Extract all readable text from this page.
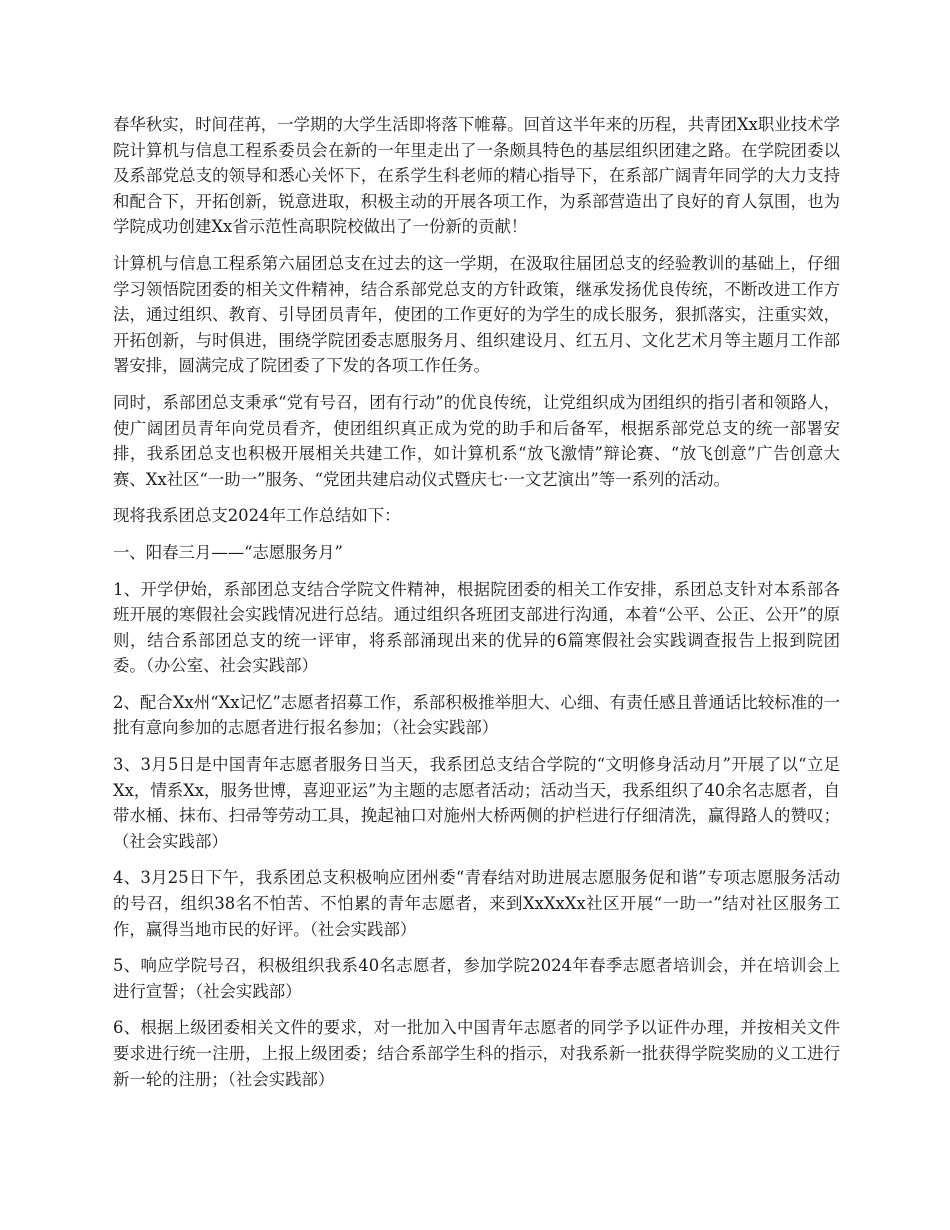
春华秋实，时间荏苒，一学期的大学生活即将落下帷幕。回首这半年来的历程，共青团Xx职业技术学院计算机与信息工程系委员会在新的一年里走出了一条颇具特色的基层组织团建之路。在学院团委以及系部党总支的领导和悉心关怀下，在系学生科老师的精心指导下，在系部广阔青年同学的大力支持和配合下，开拓创新，锐意进取，积极主动的开展各项工作，为系部营造出了良好的育人氛围，也为学院成功创建Xx省示范性高职院校做出了一份新的贡献！

计算机与信息工程系第六届团总支在过去的这一学期，在汲取往届团总支的经验教训的基础上，仔细学习领悟院团委的相关文件精神，结合系部党总支的方针政策，继承发扬优良传统，不断改进工作方法，通过组织、教育、引导团员青年，使团的工作更好的为学生的成长服务，狠抓落实，注重实效，开拓创新，与时俱进，围绕学院团委志愿服务月、组织建设月、红五月、文化艺术月等主题月工作部署安排，圆满完成了院团委了下发的各项工作任务。

同时，系部团总支秉承“党有号召，团有行动”的优良传统，让党组织成为团组织的指引者和领路人，使广阔团员青年向党员看齐，使团组织真正成为党的助手和后备军，根据系部党总支的统一部署安排，我系团总支也积极开展相关共建工作，如计算机系“放飞激情”辩论赛、“放飞创意”广告创意大赛、Xx社区“一助一”服务、“党团共建启动仪式暨庆七·一文艺演出”等一系列的活动。

现将我系团总支2024年工作总结如下：

一、阳春三月——“志愿服务月”

1、开学伊始，系部团总支结合学院文件精神，根据院团委的相关工作安排，系团总支针对本系部各班开展的寒假社会实践情况进行总结。通过组织各班团支部进行沟通，本着“公平、公正、公开”的原则，结合系部团总支的统一评审，将系部涌现出来的优异的6篇寒假社会实践调查报告上报到院团委。（办公室、社会实践部）

2、配合Xx州“Xx记忆”志愿者招募工作，系部积极推举胆大、心细、有责任感且普通话比较标准的一批有意向参加的志愿者进行报名参加；（社会实践部）

3、3月5日是中国青年志愿者服务日当天，我系团总支结合学院的“文明修身活动月”开展了以“立足Xx，情系Xx，服务世博，喜迎亚运”为主题的志愿者活动；活动当天，我系组织了40余名志愿者，自带水桶、抹布、扫帚等劳动工具，挽起袖口对施州大桥两侧的护栏进行仔细清洗，赢得路人的赞叹；（社会实践部）

4、3月25日下午，我系团总支积极响应团州委“青春结对助进展志愿服务促和谐”专项志愿服务活动的号召，组织38名不怕苦、不怕累的青年志愿者，来到XxXxXx社区开展“一助一”结对社区服务工作，赢得当地市民的好评。（社会实践部）

5、响应学院号召，积极组织我系40名志愿者，参加学院2024年春季志愿者培训会，并在培训会上进行宣誓；（社会实践部）

6、根据上级团委相关文件的要求，对一批加入中国青年志愿者的同学予以证件办理，并按相关文件要求进行统一注册，上报上级团委；结合系部学生科的指示，对我系新一批获得学院奖励的义工进行新一轮的注册；（社会实践部）
